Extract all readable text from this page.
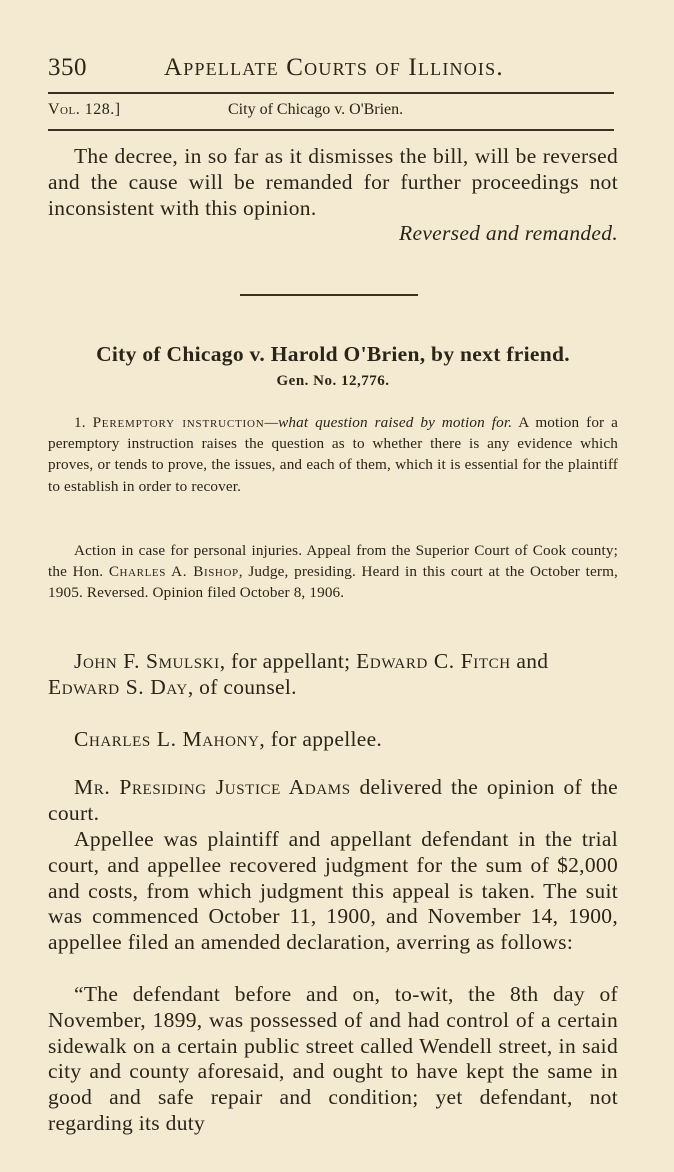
350	Appellate Courts of Illinois.
Vol. 128.]	City of Chicago v. O'Brien.
The decree, in so far as it dismisses the bill, will be reversed and the cause will be remanded for further proceedings not inconsistent with this opinion.
Reversed and remanded.
City of Chicago v. Harold O'Brien, by next friend.
Gen. No. 12,776.
1. Peremptory instruction—what question raised by motion for. A motion for a peremptory instruction raises the question as to whether there is any evidence which proves, or tends to prove, the issues, and each of them, which it is essential for the plaintiff to establish in order to recover.
Action in case for personal injuries. Appeal from the Superior Court of Cook county; the Hon. Charles A. Bishop, Judge, presiding. Heard in this court at the October term, 1905. Reversed. Opinion filed October 8, 1906.
John F. Smulski, for appellant; Edward C. Fitch and Edward S. Day, of counsel.
Charles L. Mahony, for appellee.
Mr. Presiding Justice Adams delivered the opinion of the court.
Appellee was plaintiff and appellant defendant in the trial court, and appellee recovered judgment for the sum of $2,000 and costs, from which judgment this appeal is taken. The suit was commenced October 11, 1900, and November 14, 1900, appellee filed an amended declaration, averring as follows:
“The defendant before and on, to-wit, the 8th day of November, 1899, was possessed of and had control of a certain sidewalk on a certain public street called Wendell street, in said city and county aforesaid, and ought to have kept the same in good and safe repair and condition; yet defendant, not regarding its duty
